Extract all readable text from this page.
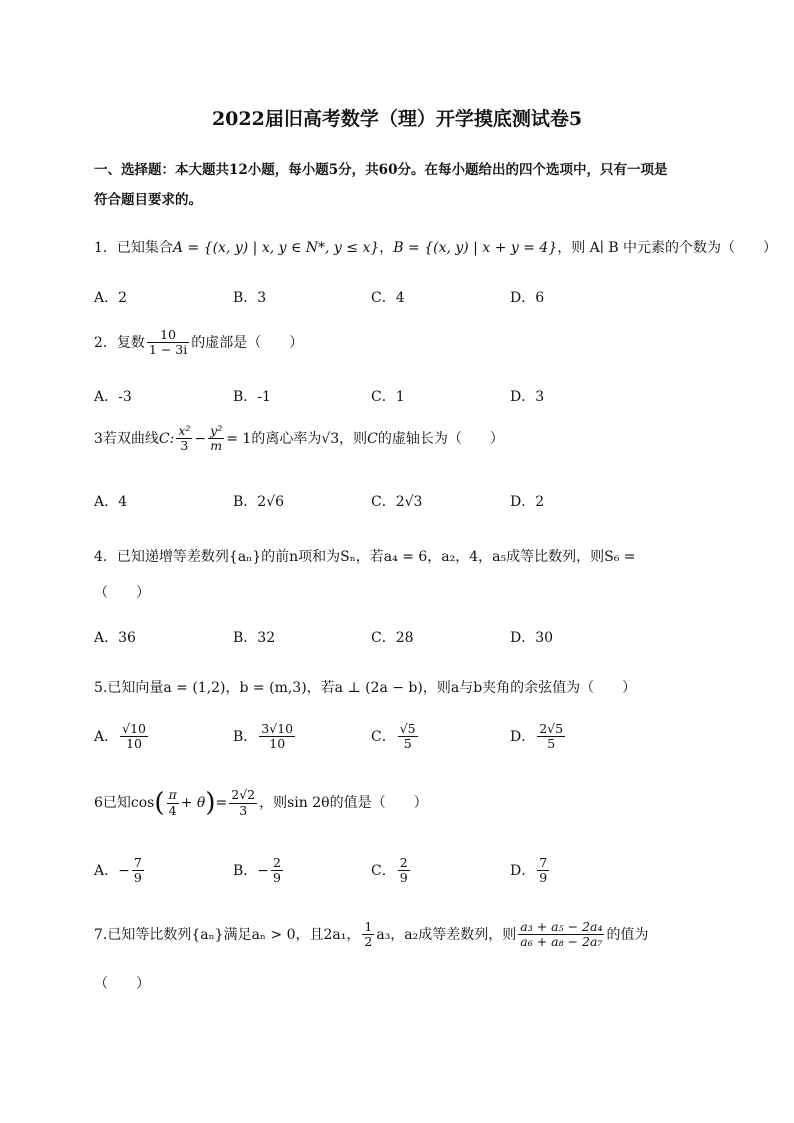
2022届旧高考数学（理）开学摸底测试卷5
一、选择题：本大题共12小题，每小题5分，共60分。在每小题给出的四个选项中，只有一项是
符合题目要求的。
1．已知集合A = {(x, y) | x, y ∈ N*, y ≤ x}，B = {(x, y) | x + y = 4}，则 A∣ B 中元素的个数为（　　）
A．2	B．3	C．4	D．6
2．复数 $\frac{10}{1 - 3i}$ 的虚部是（　　）
A．-3	B．-1	C．1	D．3
3若双曲线C: $\frac{\text{x²}}{3} - \frac{\text{y²}}{m} = 1$的离心率为√3，则C的虚轴长为（　　）
A．4	B．2√6	C．2√3	D．2
4．已知递增等差数列{aₙ}的前n项和为Sₙ，若a₄ = 6，a₂，4，a₅成等比数列，则S₆ =
（　　）
A．36	B．32	C．28	D．30
5.已知向量a = (1,2)，b = (m,3)，若a ⊥ (2a − b)，则a与b夹角的余弦值为（　　）
A． $\frac{√10}{10}$	B． $\frac{3√10}{10}$	C． $\frac{√5}{5}$	D． $\frac{2√5}{5}$
6已知$\cos( \frac{\pi}{4} + \theta)= \frac{2√2}{3}$ ，则sin 2θ的值是（　　）
A．− $\frac{7}{9}$	B．− $\frac{2}{9}$	C． $\frac{2}{9}$	D． $\frac{7}{9}$
7.已知等比数列{aₙ}满足aₙ > 0，且2a₁， $\frac{1}{2} a_3$，a₂成等差数列，则 $\frac{\text{a₃ + a₅ − 2a₄}}{\text{a₆ + a₈ − 2a₇}}$ 的值为
（　　）
